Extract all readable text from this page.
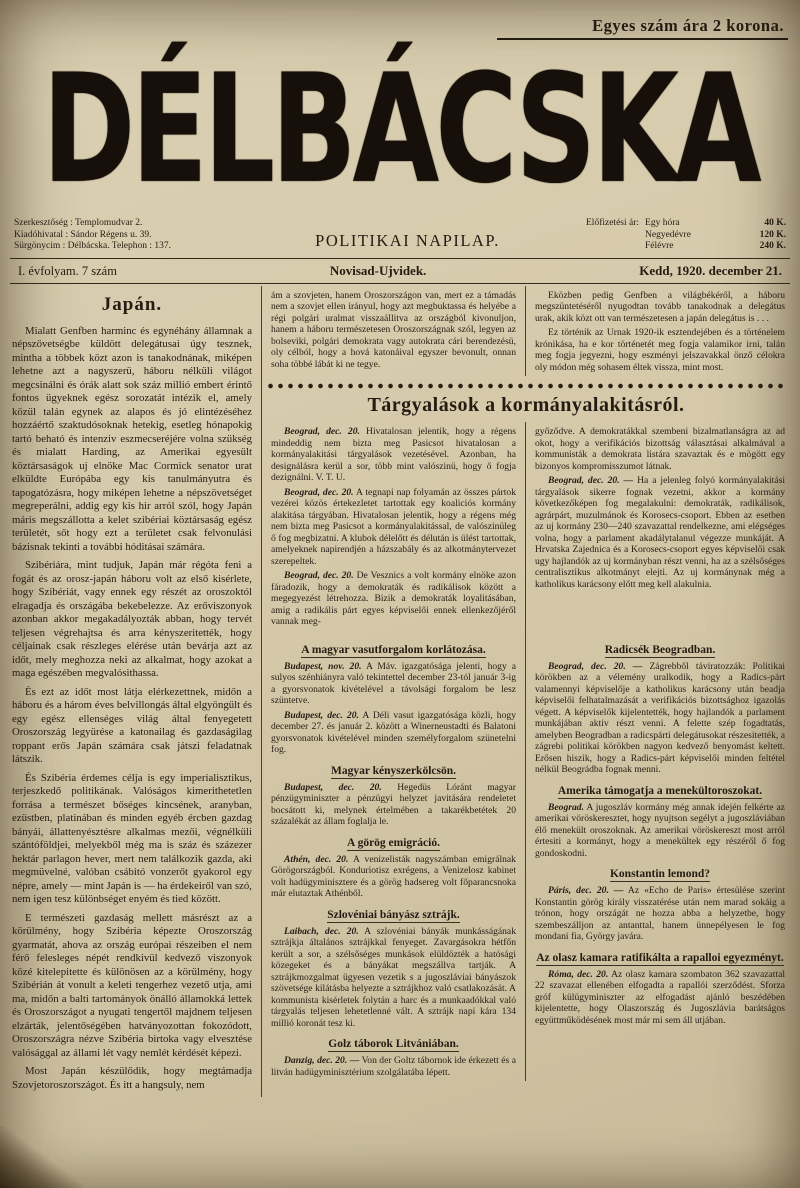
Egyes szám ára 2 korona.
DÉLBÁCSKA
Szerkesztőség : Templomudvar 2.
Kiadóhivatal : Sándor Régens u. 39.
Sürgönycim : Délbácska. Telephon : 137.	POLITIKAI NAPILAP.
Előfizetési ár: Egy hóra	40 K.
Negyedévre	120 K.
Félévre	240 K.
I. évfolyam. 7 szám	Novisad-Ujvidek.	Kedd, 1920. december 21.
Japán.

Mialatt Genfben harminc és egynéhány államnak a népszövetségbe küldött delegátusai úgy tesznek, mintha a többek közt azon is tanakodnának, miképen lehetne azt a nagyszerü, háboru nélküli világot megcsinálni és órák alatt sok száz millió embert érintő fontos ügyeknek egész sorozatát intézik el, amely közül talán egynek az alapos és jó elintézéséhez hozzáértő szaktudósoknak hetekig, esetleg hónapokig tartó beható és intenziv eszmecseréjére volna szükség és mialatt Harding, az Amerikai egyesült köztársaságok uj elnöke Mac Cormick senator urat elküldte Európába egy kis tanulmányutra és tapogatózásra, hogy miképen lehetne a népszövetséget megreperálni, addig egy kis hir arról szól, hogy Japán máris megszállotta a kelet szibériai köztársaság egész területét, sőt hogy ezt a területet csak felvonulási bázisnak tekinti a további hóditásai számára.

Szibériára, mint tudjuk, Japán már régóta feni a fogát és az orosz-japán háboru volt az első kisérlete, hogy Szibériát, vagy ennek egy részét az oroszoktól elragadja és országába bekebelezze. Az erőviszonyok azonban akkor megakadályozták abban, hogy tervét teljesen végrehajtsa és arra kényszeritették, hogy céljainak csak részleges elérése után bevárja azt az időt, mely meghozza neki az alkalmat, hogy azokat a maga egészében megvalósithassa.

És ezt az időt most látja elérkezettnek, midőn a háboru és a három éves belvillongás által elgyöngült és egy egész ellenséges világ által fenyegetett Oroszország legyürése a katonailag és gazdaságilag roppant erős Japán számára csak játszi feladatnak látszik.

És Szibéria érdemes célja is egy imperialisztikus, terjeszkedő politikának. Valóságos kimerithetetlen forrása a természet bőséges kincsének, aranyban, ezüstben, platinában és minden egyéb ércben gazdag bányái, állattenyésztésre alkalmas mezői, végnélküli szántóföldjei, melyekből még ma is száz és százezer hektár parlagon hever, mert nem találkozik gazda, aki megmüvelné, valóban csábitó vonzerőt gyakorol egy népre, amely — mint Japán is — ha érdekeiről van szó, nem igen tesz különbséget enyém és tied között.

E természeti gazdaság mellett másrészt az a körülmény, hogy Szibéria képezte Oroszország gyarmatát, ahova az ország európai részeiben el nem férő felesleges népét rendkivül kedvező viszonyok közé kitelepitette és különösen az a körülmény, hogy Szibérián át vonult a keleti tengerhez vezető utja, ami ma, midőn a balti tartományok önálló államokká lettek és Oroszországot a nyugati tengertől majdnem teljesen elzárták, jelentőségében hatványozottan fokozódott, Oroszországra nézve Szibéria birtoka vagy elvesztése valósággal az állami lét vagy nemlét kérdését képezi.

Most Japán készülődik, hogy megtámadja Szovjetoroszországot. És itt a hangsuly, nem

ám a szovjeten, hanem Oroszországon van, mert ez a támadás nem a szovjet ellen irányul, hogy azt megbuktassa és helyébe a régi polgári uralmat visszaállitva az országból kivonuljon, hanem a háboru természetesen Oroszországnak szól, legyen az bolseviki, polgári demokrata vagy autokrata cári berendezésü, oly célból, hogy a hová katonáival egyszer bevonult, onnan soha többé lábát ki ne tegye.

Eközben pedig Genfben a világbékéről, a háboru megszüntetéséről nyugodtan tovább tanakodnak a delegátus urak, akik közt ott van természetesen a japán delegátus is . . .

Ez történik az Urnak 1920-ik esztendejében és a történelem krónikása, ha e kor történetét meg fogja valamikor irni, talán meg fogja jegyezni, hogy eszményi jelszavakkal önző célokra oly módon még sohasem éltek vissza, mint most.

Tárgyalások a kormányalakitásról.

Beograd, dec. 20. Hivatalosan jelentik, hogy a régens mindeddig nem bizta meg Pasicsot hivatalosan a kormányalakitási tárgyalások vezetésével. Azonban, ha designálásra kerül a sor, több mint valószinü, hogy ő fogja dezignálni. V. T. U.

Beograd, dec. 20. A tegnapi nap folyamán az összes pártok vezérei közös értekezletet tartottak egy koaliciós kormány alakitása tárgyában. Hivatalosan jelentik, hogy a régens még nem bizta meg Pasicsot a kormányalakitással, de valószinüleg ő fog megbizatni. A klubok délelőtt és délután is ülést tartottak, amelyeknek napirendjén a házszabály és az alkotmánytervezet szerepeltek.

Beograd, dec. 20. De Vesznics a volt kormány elnöke azon fáradozik, hogy a demokraták és radikálisok között a megegyezést létrehozza. Bizik a demokraták loyalitásában, amig a radikális párt egyes képviselői ennek ellenkezőjéről vannak meg-

győződve. A demokratákkal szembeni bizalmatlanságra az ad okot, hogy a verifikációs bizottság választásai alkalmával a kommunisták a demokrata listára szavaztak és e mögött egy bizonyos kompromisszumot látnak.

Beograd, dec. 20. — Ha a jelenleg folyó kormányalakitási tárgyalások sikerre fognak vezetni, akkor a kormány következőképen fog megalakulni: demokraták, radikálisok, agrárpárt, muzulmánok és Korosecs-csoport. Ebben az esetben az uj kormány 230—240 szavazattal rendelkezne, ami elégséges volna, hogy a parlament akadálytalanul végezze munkáját. A Hrvatska Zajednica és a Korosecs-csoport egyes képviselői csak ugy hajlandók az uj kormányban részt venni, ha az a szélsőséges centralisztikus alkotmányt elejti. Az uj kormánynak még a katholikus karácsony előtt meg kell alakulnia.

A magyar vasutforgalom korlátozása.

Budapest, nov. 20. A Máv. igazgatósága jelenti, hogy a sulyos szénhiányra való tekintettel december 23-tól január 3-ig a gyorsvonatok kivételével a távolsági forgalom be lesz szüntetve.

Budapest, dec. 20. A Déli vasut igazgatósága közli, hogy december 27. és január 2. között a Winerneustadti és Balatoni gyorsvonatok kivételével minden személyforgalom szünetelni fog.

Magyar kényszerkölcsön.

Budapest, dec. 20. Hegedüs Lóránt magyar pénzügyminiszter a pénzügyi helyzet javitására rendeletet bocsátott ki, melynek értelmében a takarékbetétek 20 százalékát az állam foglalja le.

A görög emigráció.

Athén, dec. 20. A venizelisták nagyszámban emigrálnak Görögországból. Konduriotisz exrégens, a Venizelosz kabinet volt hadügyminisztere és a görög hadsereg volt főparancsnoka már elutaztak Athénből.

Szlovéniai bányász sztrájk.

Laibach, dec. 20. A szlovéniai bányák munkásságának sztrájkja általános sztrájkkal fenyeget. Zavargásokra hétfőn került a sor, a szélsőséges munkások elüldözték a hatósági közegeket és a bányákat megszállva tartják. A sztrájkmozgalmat ügyesen vezetik s a jugoszláviai bányászok szövetsége kilátásba helyezte a sztrájkhoz való csatlakozását. A kommunista kisérletek folytán a harc és a munkaadókkal való tárgyalás teljesen lehetetlenné vált. A sztrájk napi kára 134 millió koronát tesz ki.

Golz táborok Litvániában.

Danzig, dec. 20. — Von der Goltz tábornok ide érkezett és a litván hadügyminisztérium szolgálatába lépett.

Radicsék Beogradban.

Beograd, dec. 20. — Zágrebből táviratozzák: Politikai körökben az a vélemény uralkodik, hogy a Radics-párt valamennyi képviselője a katholikus karácsony után beadja képviselői felhatalmazását a verifikációs bizottsághoz igazolás végett. A képviselők kijelentették, hogy hajlandók a parlament munkájában aktiv részt venni. A felette szép fogadtatás, amelyben Beogradban a radicspárti delegátusokat részesitették, a zágrebi politikai körökben nagyon kedvező benyomást keltett. Erősen hiszik, hogy a Radics-párt képviselői minden feltétel nélkül Beográdba fognak menni.

Amerika támogatja a menekültoroszokat.

Beograd. A jugoszláv kormány még annak idején felkérte az amerikai vöröskeresztet, hogy nyujtson segélyt a jugoszláviában élő menekült oroszoknak. Az amerikai vöröskereszt most arról értesiti a kormányt, hogy a menekültek egy részéről ő fog gondoskodni.

Konstantin lemond?

Páris, dec. 20. — Az «Echo de Paris» értesülése szerint Konstantin görög király visszatérése után nem marad sokáig a trónon, hogy országát ne hozza abba a helyzetbe, hogy szembeszálljon az antanttal, hanem ünnepélyesen le fog mondani fia, György javára.

Az olasz kamara ratifikálta a rapalloi egyezményt.

Róma, dec. 20. Az olasz kamara szombaton 362 szavazattal 22 szavazat ellenében elfogadta a rapallói szerződést. Sforza gróf külügyminiszter az elfogadást ajánló beszédében kijelentette, hogy Olaszország és Jugoszlávia barátságos együttműködésének most már mi sem áll utjában.
